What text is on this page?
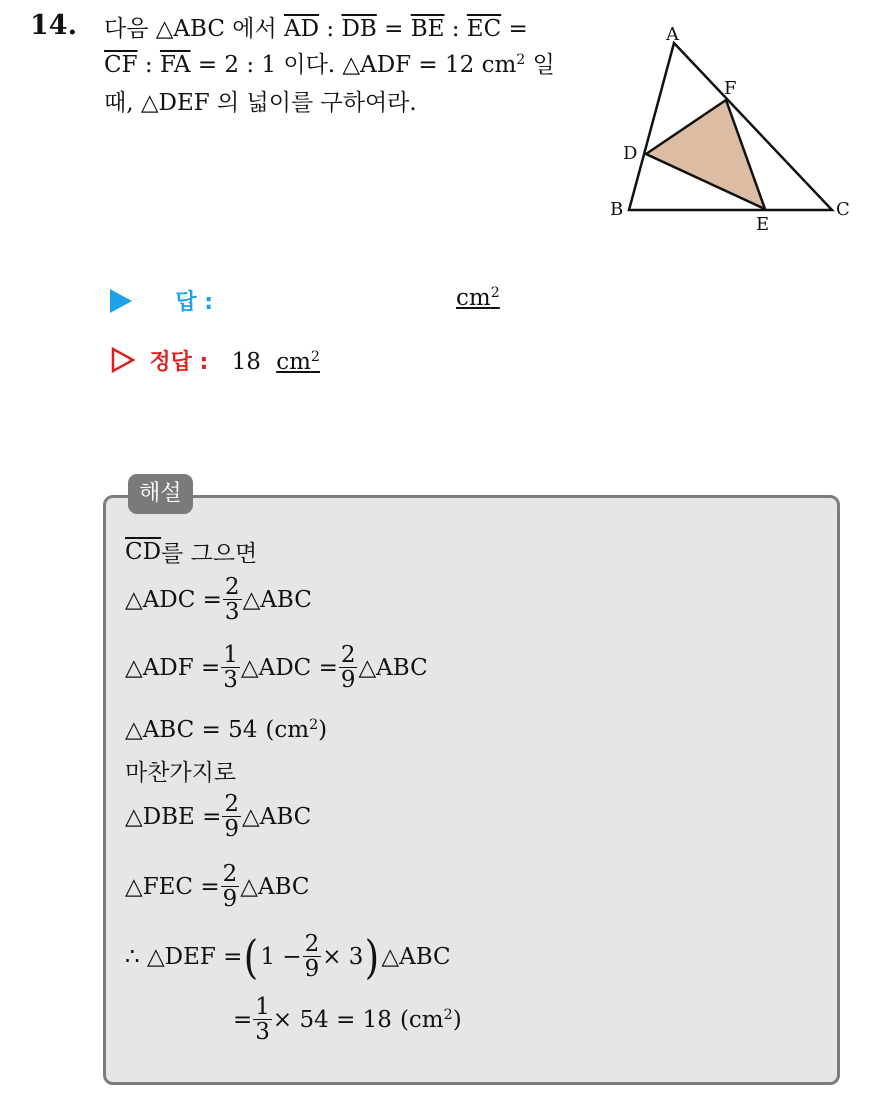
14. 다음 △ABC 에서 $\overline{AD}$ : $\overline{DB} = \overline{BE}$ : $\overline{EC}$ =
$\overline{CF}$ : $\overline{FA} = 2$ : 1 이다. △ADF = 12 $cm^2$ 일
때, △DEF 의 넓이를 구하여라.
A
B	C
D
E
F
답 :	$cm^2$
정답 : 18 $cm^2$
해설
$\overline{CD}$ 를 그으면
△ADC = $\frac{2}{3}$ △ABC
△ADF = $\frac{1}{3}$ △ADC = $\frac{2}{9}$ △ABC
△ABC = 54 $(cm^2)$
마찬가지로
△DBE = $\frac{2}{9}$ △ABC
△FEC = $\frac{2}{9}$ △ABC
∴ △DEF = ( $1 - \frac{2}{9} \times 3$ ) △ABC
= $\frac{1}{3} \times 54 = 18$ $(cm^2)$
